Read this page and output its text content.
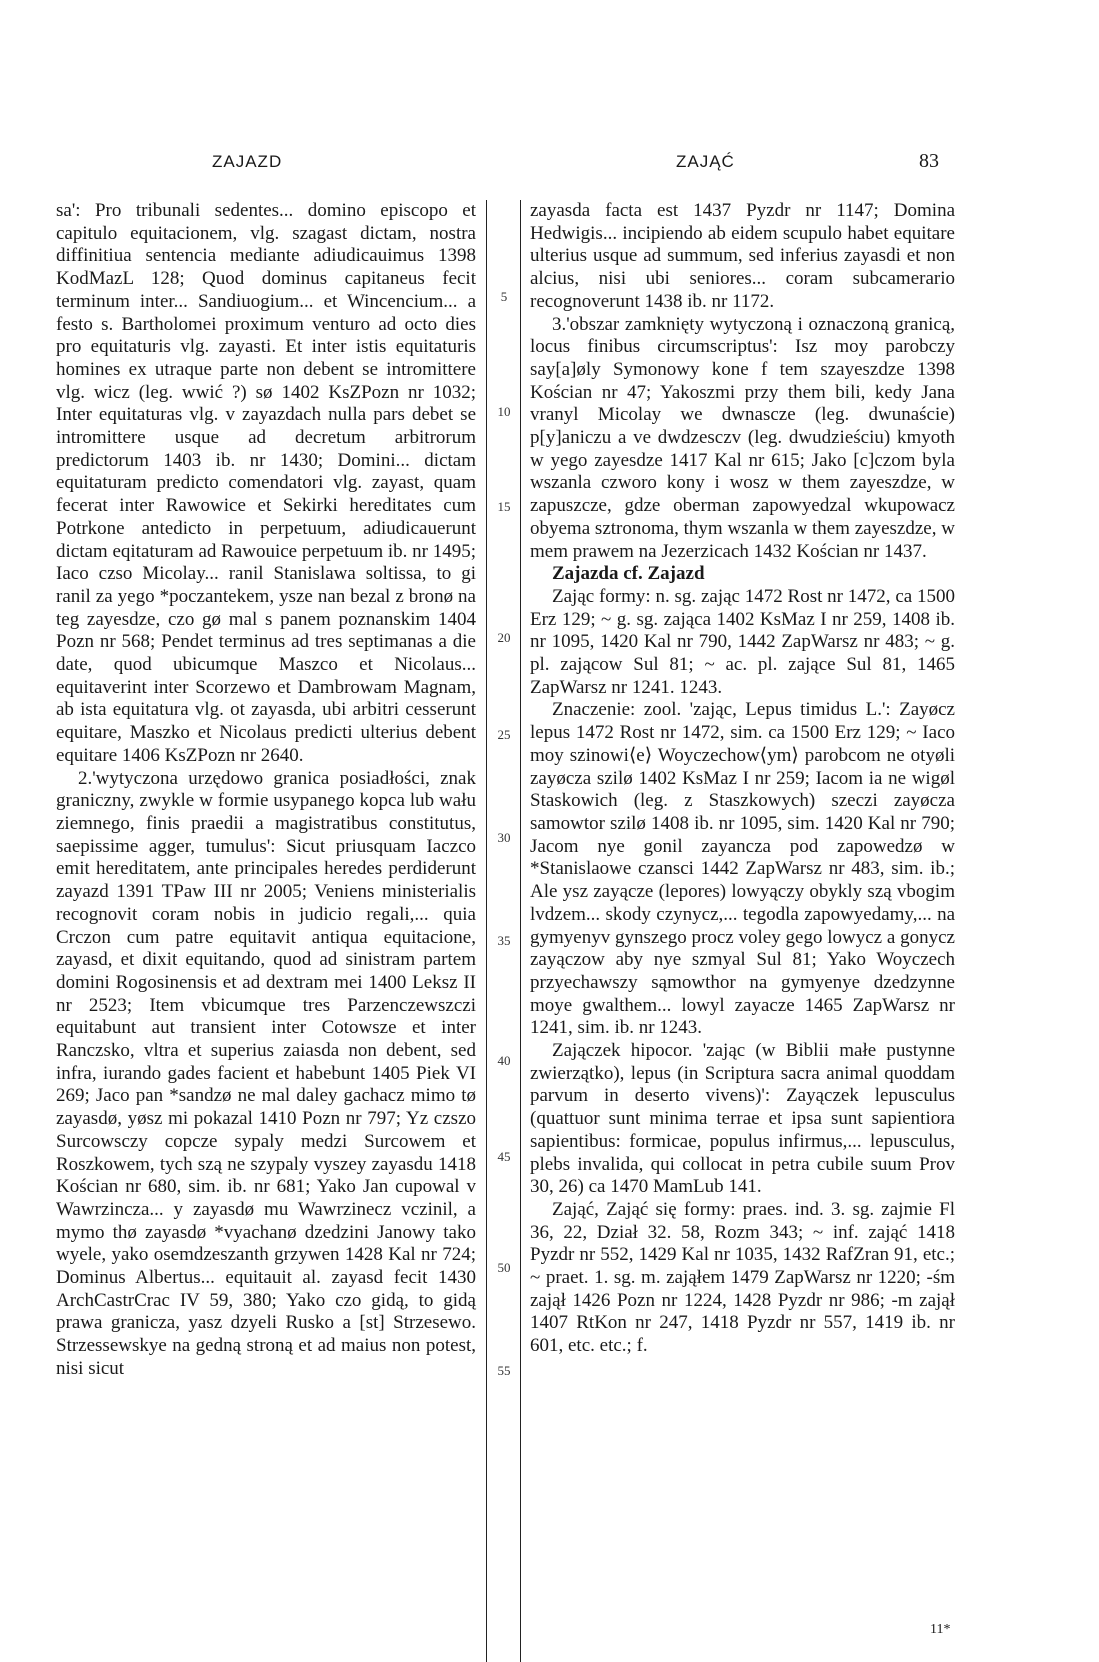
ZAJAZD	ZAJĄĆ	83
5
10
15
20
25
30
35
40
45
50
55

sa': Pro tribunali sedentes... domino episcopo et capitulo equitacionem, vlg. szagast dictam, nostra diffinitiua sentencia mediante adiudicauimus 1398 KodMazL 128; Quod dominus capitaneus fecit terminum inter... Sandiuogium... et Wincencium... a festo s. Bartholomei proximum venturo ad octo dies pro equitaturis vlg. zayasti. Et inter istis equitaturis homines ex utraque parte non debent se intromittere vlg. wicz (leg. wwić ?) sø 1402 KsZPozn nr 1032; Inter equitaturas vlg. v zayazdach nulla pars debet se intromittere usque ad decretum arbitrorum predictorum 1403 ib. nr 1430; Domini... dictam equitaturam predicto comendatori vlg. zayast, quam fecerat inter Rawowice et Sekirki hereditates cum Potrkone antedicto in perpetuum, adiudicauerunt dictam eqitaturam ad Rawouice perpetuum ib. nr 1495; Iaco czso Micolay... ranil Stanislawa soltissa, to gi ranil za yego *poczantekem, ysze nan bezal z bronø na teg zayesdze, czo gø mal s panem poznanskim 1404 Pozn nr 568; Pendet terminus ad tres septimanas a die date, quod ubicumque Maszco et Nicolaus... equitaverint inter Scorzewo et Dambrowam Magnam, ab ista equitatura vlg. ot zayasda, ubi arbitri cesserunt equitare, Maszko et Nicolaus predicti ulterius debent equitare 1406 KsZPozn nr 2640.

2.'wytyczona urzędowo granica posiadłości, znak graniczny, zwykle w formie usypanego kopca lub wału ziemnego, finis praedii a magistratibus constitutus, saepissime agger, tumulus': Sicut priusquam Iaczco emit hereditatem, ante principales heredes perdiderunt zayazd 1391 TPaw III nr 2005; Veniens ministerialis recognovit coram nobis in judicio regali,... quia Crczon cum patre equitavit antiqua equitacione, zayasd, et dixit equitando, quod ad sinistram partem domini Rogosinensis et ad dextram mei 1400 Leksz II nr 2523; Item vbicumque tres Parzenczewszczi equitabunt aut transient inter Cotowsze et inter Ranczsko, vltra et superius zaiasda non debent, sed infra, iurando gades facient et habebunt 1405 Piek VI 269; Jaco pan *sandzø ne mal daley gachacz mimo tø zayasdø, yøsz mi pokazal 1410 Pozn nr 797; Yz czszo Surcowsczy copcze sypaly medzi Surcowem et Roszkowem, tych szą ne szypaly vyszey zayasdu 1418 Kościan nr 680, sim. ib. nr 681; Yako Jan cupowal v Wawrzincza... y zayasdø mu Wawrzinecz vczinil, a mymo thø zayasdø *vyachanø dzedzini Janowy tako wyele, yako osemdzeszanth grzywen 1428 Kal nr 724; Dominus Albertus... equitauit al. zayasd fecit 1430 ArchCastrCrac IV 59, 380; Yako czo gidą, to gidą prawa granicza, yasz dzyeli Rusko a [st] Strzesewo. Strzessewskye na gedną stroną et ad maius non potest, nisi sicut

zayasda facta est 1437 Pyzdr nr 1147; Domina Hedwigis... incipiendo ab eidem scupulo habet equitare ulterius usque ad summum, sed inferius zayasdi et non alcius, nisi ubi seniores... coram subcamerario recognoverunt 1438 ib. nr 1172.

3.'obszar zamknięty wytyczoną i oznaczoną granicą, locus finibus circumscriptus': Isz moy parobczy say[a]øly Symonowy kone f tem szayeszdze 1398 Kościan nr 47; Yakoszmi przy them bili, kedy Jana vranyl Micolay we dwnascze (leg. dwunaście) p[y]aniczu a ve dwdzesczv (leg. dwudzieściu) kmyoth w yego zayesdze 1417 Kal nr 615; Jako [c]czom byla wszanla czworo kony i wosz w them zayeszdze, w zapuszcze, gdze oberman zapowyedzal wkupowacz obyema sztronoma, thym wszanla w them zayeszdze, w mem prawem na Jezerzicach 1432 Kościan nr 1437.

Zajazda cf. Zajazd

Zając formy: n. sg. zając 1472 Rost nr 1472, ca 1500 Erz 129; ~ g. sg. zająca 1402 KsMaz I nr 259, 1408 ib. nr 1095, 1420 Kal nr 790, 1442 ZapWarsz nr 483; ~ g. pl. zającow Sul 81; ~ ac. pl. zające Sul 81, 1465 ZapWarsz nr 1241. 1243.

Znaczenie: zool. 'zając, Lepus timidus L.': Zayøcz lepus 1472 Rost nr 1472, sim. ca 1500 Erz 129; ~ Iaco moy szinowi⟨e⟩ Woyczechow⟨ym⟩ parobcom ne otyøli zayøcza szilø 1402 KsMaz I nr 259; Iacom ia ne wigøl Staskowich (leg. z Staszkowych) szeczi zayøcza samowtor szilø 1408 ib. nr 1095, sim. 1420 Kal nr 790; Jacom nye gonil zayancza pod zapowedzø w *Stanislaowe czansci 1442 ZapWarsz nr 483, sim. ib.; Ale ysz zayącze (lepores) lowyączy obykly szą vbogim lvdzem... skody czynycz,... tegodla zapowyedamy,... na gymyenyv gynszego procz voley gego lowycz a gonycz zayączow aby nye szmyal Sul 81; Yako Woyczech przyechawszy sąmowthor na gymyenye dzedzynne moye gwalthem... lowyl zayacze 1465 ZapWarsz nr 1241, sim. ib. nr 1243.

Zajączek hipocor. 'zając (w Biblii małe pustynne zwierzątko), lepus (in Scriptura sacra animal quoddam parvum in deserto vivens)': Zayączek lepusculus (quattuor sunt minima terrae et ipsa sunt sapientiora sapientibus: formicae, populus infirmus,... lepusculus, plebs invalida, qui collocat in petra cubile suum Prov 30, 26) ca 1470 MamLub 141.

Zająć, Zająć się formy: praes. ind. 3. sg. zajmie Fl 36, 22, Dział 32. 58, Rozm 343; ~ inf. zająć 1418 Pyzdr nr 552, 1429 Kal nr 1035, 1432 RafZran 91, etc.; ~ praet. 1. sg. m. zająłem 1479 ZapWarsz nr 1220; -śm zajął 1426 Pozn nr 1224, 1428 Pyzdr nr 986; -m zajął 1407 RtKon nr 247, 1418 Pyzdr nr 557, 1419 ib. nr 601, etc. etc.; f.

11*
